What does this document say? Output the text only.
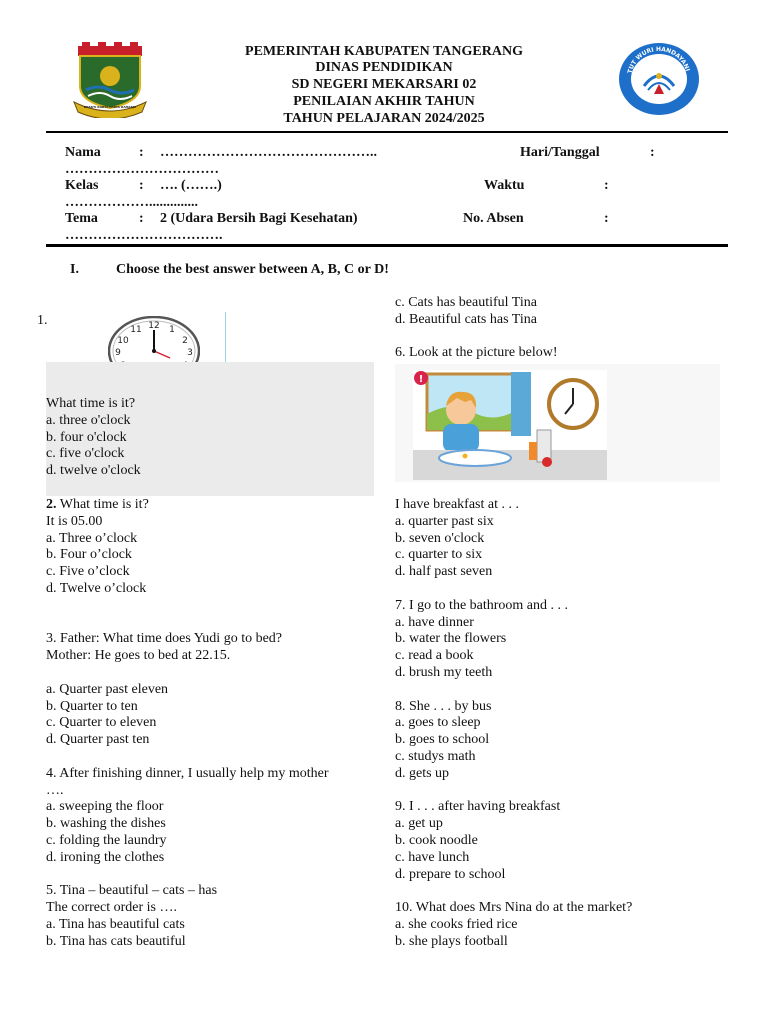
PEMERINTAH KABUPATEN TANGERANG
DINAS PENDIDIKAN
SD NEGERI MEKARSARI 02
PENILAIAN AKHIR TAHUN
TAHUN PELAJARAN 2024/2025
BHAKTI KARYA PARTA RAHARJA
TUT WURI HANDAYANI
Nama	: ………………………………………..	Hari/Tanggal	:
……………………………
Kelas	: …. (…….)	Waktu	:
………………..............
Tema	: 2 (Udara Bersih Bagi Kesehatan)	No. Absen	:
…………………………….
I.	Choose the best answer between A, B, C or D!
1.	12 1
2
3
9
10
11
What time is it?
a. three o'clock
b. four o'clock
c. five o'clock
d. twelve o'clock
2. What time is it?
It is 05.00
a. Three o’clock
b. Four o’clock
c. Five o’clock
d. Twelve o’clock
3. Father: What time does Yudi go to bed?
Mother: He goes to bed at 22.15.
a. Quarter past eleven
b. Quarter to ten
c. Quarter to eleven
d. Quarter past ten
4. After finishing dinner, I usually help my mother
….
a. sweeping the floor
b. washing the dishes
c. folding the laundry
d. ironing the clothes
5. Tina – beautiful – cats – has
The correct order is ….
a. Tina has beautiful cats
b. Tina has cats beautiful
c. Cats has beautiful Tina
d. Beautiful cats has Tina
6. Look at the picture below!
!
I have breakfast at . . .
a. quarter past six
b. seven o'clock
c. quarter to six
d. half past seven
7. I go to the bathroom and . . .
a. have dinner
b. water the flowers
c. read a book
d. brush my teeth
8. She . . . by bus
a. goes to sleep
b. goes to school
c. studys math
d. gets up
9. I . . . after having breakfast
a. get up
b. cook noodle
c. have lunch
d. prepare to school
10. What does Mrs Nina do at the market?
a. she cooks fried rice
b. she plays football
